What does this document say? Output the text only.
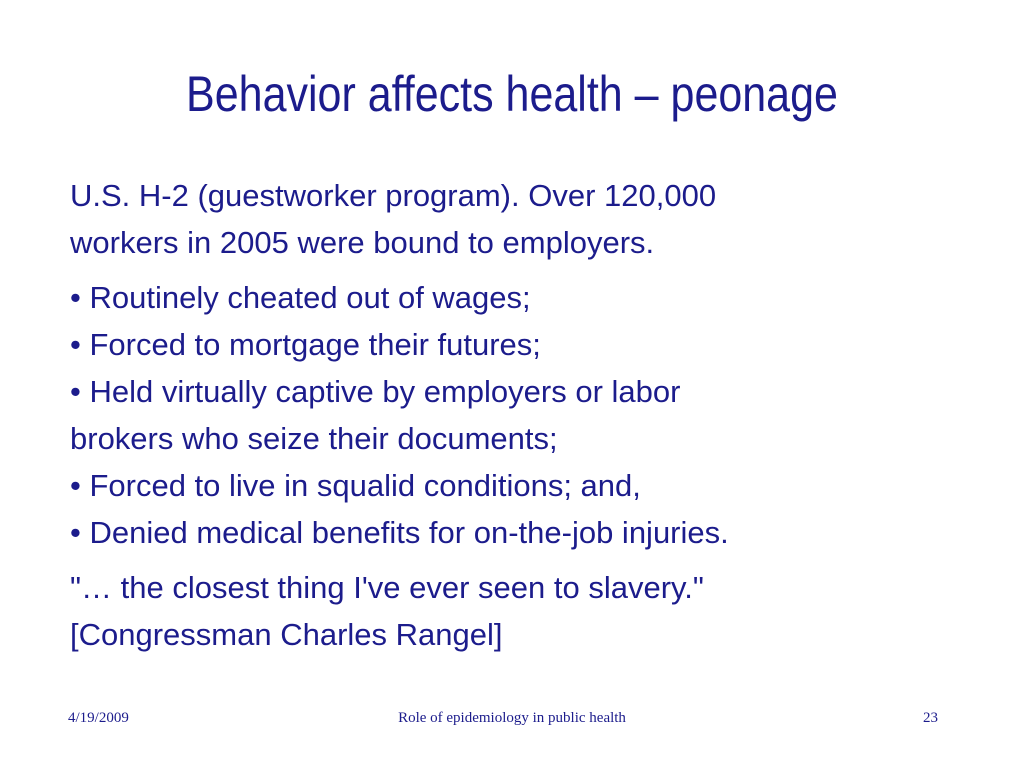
Behavior affects health – peonage

U.S. H-2 (guestworker program). Over 120,000
workers in 2005 were bound to employers.

• Routinely cheated out of wages;
• Forced to mortgage their futures;
• Held virtually captive by employers or labor
brokers who seize their documents;
• Forced to live in squalid conditions; and,
• Denied medical benefits for on-the-job injuries.

"… the closest thing I've ever seen to slavery."
[Congressman Charles Rangel]

4/19/2009	Role of epidemiology in public health	23
